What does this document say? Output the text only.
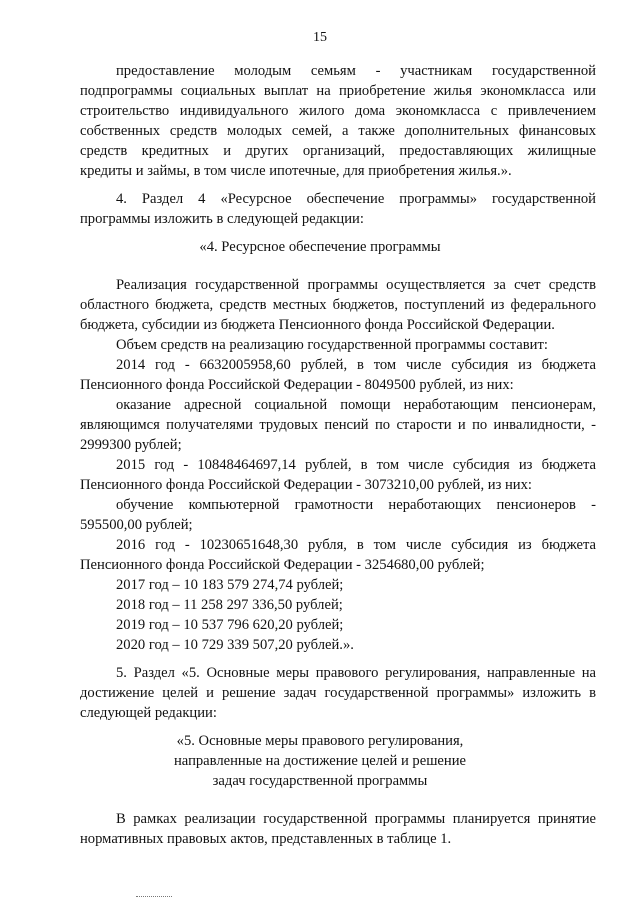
15
предоставление молодым семьям - участникам государственной
подпрограммы социальных выплат на приобретение жилья экономкласса или
строительство индивидуального жилого дома экономкласса с привлечением
собственных средств молодых семей, а также дополнительных финансовых
средств кредитных и других организаций, предоставляющих жилищные
кредиты и займы, в том числе ипотечные, для приобретения жилья.».
4. Раздел 4 «Ресурсное обеспечение программы» государственной
программы изложить в следующей редакции:
«4. Ресурсное обеспечение программы
Реализация государственной программы осуществляется за счет средств
областного бюджета, средств местных бюджетов, поступлений из федерального
бюджета, субсидии из бюджета Пенсионного фонда Российской Федерации.
Объем средств на реализацию государственной программы составит:
2014 год - 6632005958,60 рублей, в том числе субсидия из бюджета
Пенсионного фонда Российской Федерации - 8049500 рублей, из них:
оказание адресной социальной помощи неработающим пенсионерам,
являющимся получателями трудовых пенсий по старости и по инвалидности, -
2999300 рублей;
2015 год - 10848464697,14 рублей, в том числе субсидия из бюджета
Пенсионного фонда Российской Федерации - 3073210,00 рублей, из них:
обучение компьютерной грамотности неработающих пенсионеров -
595500,00 рублей;
2016 год - 10230651648,30 рубля, в том числе субсидия из бюджета
Пенсионного фонда Российской Федерации - 3254680,00 рублей;
2017 год – 10 183 579 274,74 рублей;
2018 год – 11 258 297 336,50 рублей;
2019 год – 10 537 796 620,20 рублей;
2020 год – 10 729 339 507,20 рублей.».
5. Раздел «5. Основные меры правового регулирования, направленные на
достижение целей и решение задач государственной программы» изложить в
следующей редакции:
«5. Основные меры правового регулирования,
направленные на достижение целей и решение
задач государственной программы
В рамках реализации государственной программы планируется принятие
нормативных правовых актов, представленных в таблице 1.
